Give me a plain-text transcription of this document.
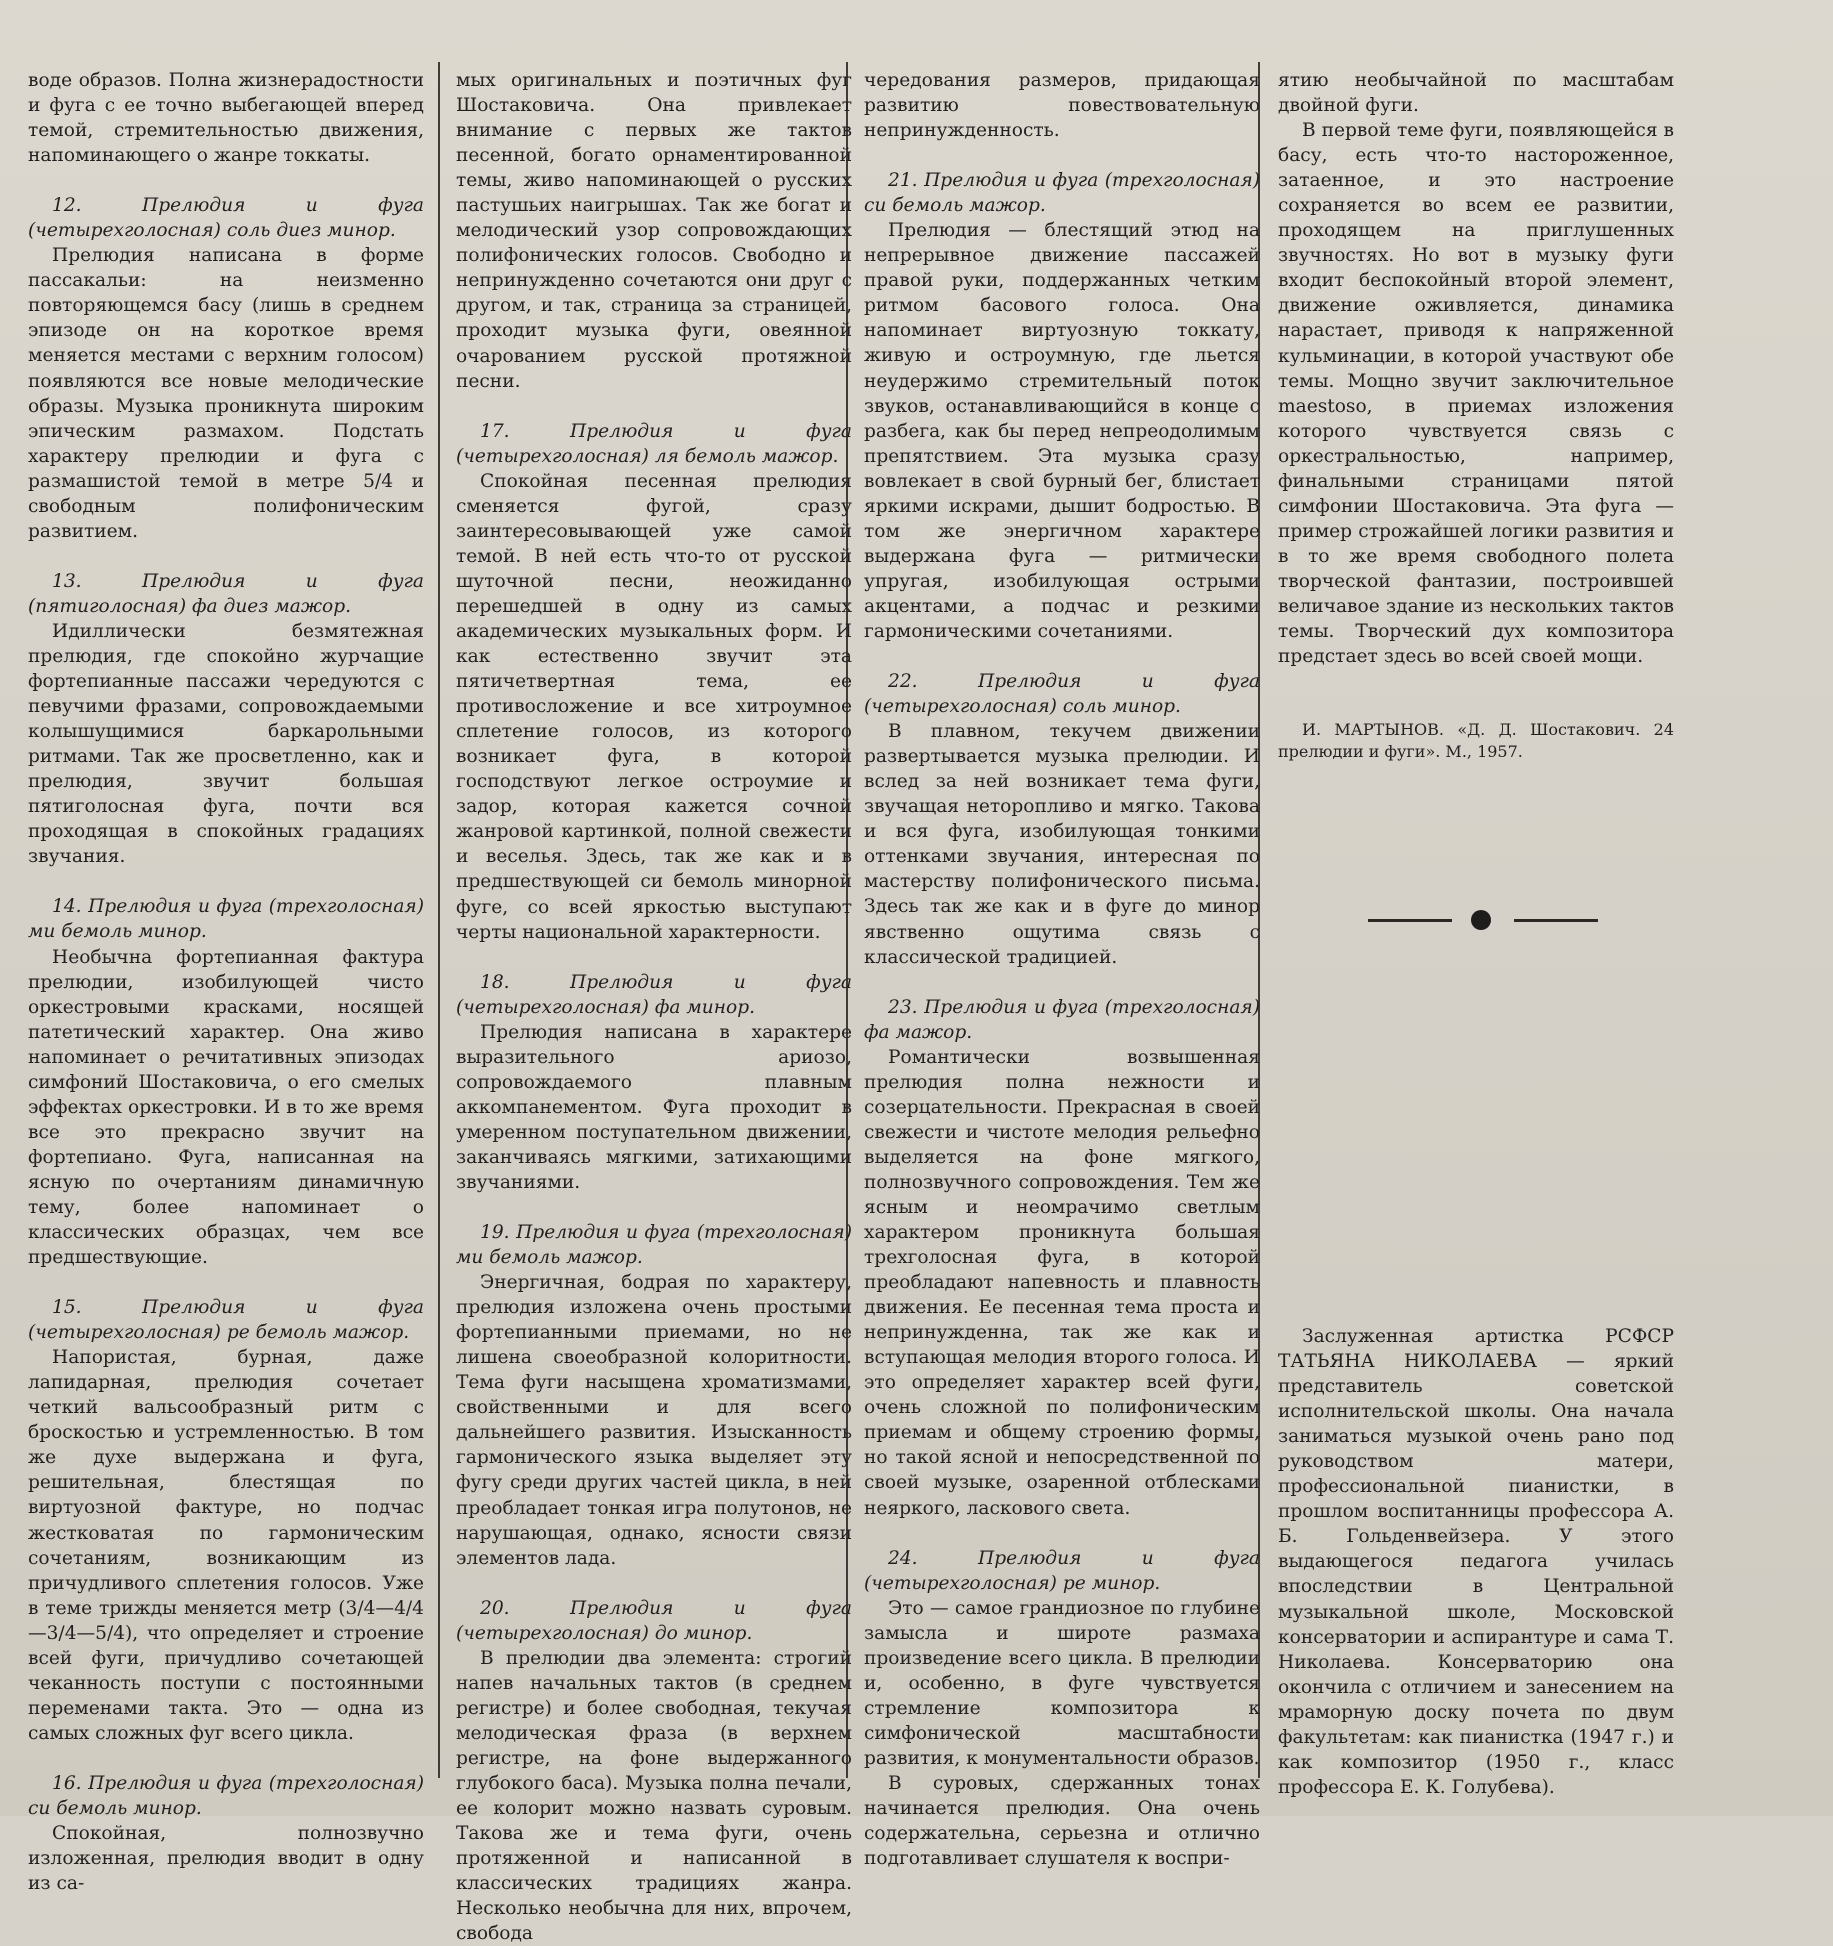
воде образов. Полна жизнерадостности и фуга с ее точно выбегающей вперед темой, стремительностью движения, напоминающего о жанре токкаты.

12. Прелюдия и фуга (четырехголосная) соль диез минор.

Прелюдия написана в форме пассакальи: на неизменно повторяющемся басу (лишь в среднем эпизоде он на короткое время меняется местами с верхним голосом) появляются все новые мелодические образы. Музыка проникнута широким эпическим размахом. Подстать характеру прелюдии и фуга с размашистой темой в метре 5/4 и свободным полифоническим развитием.

13. Прелюдия и фуга (пятиголосная) фа диез мажор.

Идиллически безмятежная прелюдия, где спокойно журчащие фортепианные пассажи чередуются с певучими фразами, сопровождаемыми колышущимися баркарольными ритмами. Так же просветленно, как и прелюдия, звучит большая пятиголосная фуга, почти вся проходящая в спокойных градациях звучания.

14. Прелюдия и фуга (трехголосная) ми бемоль минор.

Необычна фортепианная фактура прелюдии, изобилующей чисто оркестровыми красками, носящей патетический характер. Она живо напоминает о речитативных эпизодах симфоний Шостаковича, о его смелых эффектах оркестровки. И в то же время все это прекрасно звучит на фортепиано. Фуга, написанная на ясную по очертаниям динамичную тему, более напоминает о классических образцах, чем все предшествующие.

15. Прелюдия и фуга (четырехголосная) ре бемоль мажор.

Напористая, бурная, даже лапидарная, прелюдия сочетает четкий вальсообразный ритм с броскостью и устремленностью. В том же духе выдержана и фуга, решительная, блестящая по виртуозной фактуре, но подчас жестковатая по гармоническим сочетаниям, возникающим из причудливого сплетения голосов. Уже в теме трижды меняется метр (3/4—4/4—3/4—5/4), что определяет и строение всей фуги, причудливо сочетающей чеканность поступи с постоянными переменами такта. Это — одна из самых сложных фуг всего цикла.

16. Прелюдия и фуга (трехголосная) си бемоль минор.

Спокойная, полнозвучно изложенная, прелюдия вводит в одну из са-

мых оригинальных и поэтичных фуг Шостаковича. Она привлекает внимание с первых же тактов песенной, богато орнаментированной темы, живо напоминающей о русских пастушьих наигрышах. Так же богат и мелодический узор сопровождающих полифонических голосов. Свободно и непринужденно сочетаются они друг с другом, и так, страница за страницей, проходит музыка фуги, овеянной очарованием русской протяжной песни.

17. Прелюдия и фуга (четырехголосная) ля бемоль мажор.

Спокойная песенная прелюдия сменяется фугой, сразу заинтересовывающей уже самой темой. В ней есть что-то от русской шуточной песни, неожиданно перешедшей в одну из самых академических музыкальных форм. И как естественно звучит эта пятичетвертная тема, ее противосложение и все хитроумное сплетение голосов, из которого возникает фуга, в которой господствуют легкое остроумие и задор, которая кажется сочной жанровой картинкой, полной свежести и веселья. Здесь, так же как и в предшествующей си бемоль минорной фуге, со всей яркостью выступают черты национальной характерности.

18. Прелюдия и фуга (четырехголосная) фа минор.

Прелюдия написана в характере выразительного ариозо, сопровождаемого плавным аккомпанементом. Фуга проходит в умеренном поступательном движении, заканчиваясь мягкими, затихающими звучаниями.

19. Прелюдия и фуга (трехголосная) ми бемоль мажор.

Энергичная, бодрая по характеру, прелюдия изложена очень простыми фортепианными приемами, но не лишена своеобразной колоритности. Тема фуги насыщена хроматизмами, свойственными и для всего дальнейшего развития. Изысканность гармонического языка выделяет эту фугу среди других частей цикла, в ней преобладает тонкая игра полутонов, не нарушающая, однако, ясности связи элементов лада.

20. Прелюдия и фуга (четырехголосная) до минор.

В прелюдии два элемента: строгий напев начальных тактов (в среднем регистре) и более свободная, текучая мелодическая фраза (в верхнем регистре, на фоне выдержанного глубокого баса). Музыка полна печали, ее колорит можно назвать суровым. Такова же и тема фуги, очень протяженной и написанной в классических традициях жанра. Несколько необычна для них, впрочем, свобода

чередования размеров, придающая развитию повествовательную непринужденность.

21. Прелюдия и фуга (трехголосная) си бемоль мажор.

Прелюдия — блестящий этюд на непрерывное движение пассажей правой руки, поддержанных четким ритмом басового голоса. Она напоминает виртуозную токкату, живую и остроумную, где льется неудержимо стремительный поток звуков, останавливающийся в конце с разбега, как бы перед непреодолимым препятствием. Эта музыка сразу вовлекает в свой бурный бег, блистает яркими искрами, дышит бодростью. В том же энергичном характере выдержана фуга — ритмически упругая, изобилующая острыми акцентами, а подчас и резкими гармоническими сочетаниями.

22. Прелюдия и фуга (четырехголосная) соль минор.

В плавном, текучем движении развертывается музыка прелюдии. И вслед за ней возникает тема фуги, звучащая неторопливо и мягко. Такова и вся фуга, изобилующая тонкими оттенками звучания, интересная по мастерству полифонического письма. Здесь так же как и в фуге до минор явственно ощутима связь с классической традицией.

23. Прелюдия и фуга (трехголосная) фа мажор.

Романтически возвышенная прелюдия полна нежности и созерцательности. Прекрасная в своей свежести и чистоте мелодия рельефно выделяется на фоне мягкого, полнозвучного сопровождения. Тем же ясным и неомрачимо светлым характером проникнута большая трехголосная фуга, в которой преобладают напевность и плавность движения. Ее песенная тема проста и непринужденна, так же как и вступающая мелодия второго голоса. И это определяет характер всей фуги, очень сложной по полифоническим приемам и общему строению формы, но такой ясной и непосредственной по своей музыке, озаренной отблесками неяркого, ласкового света.

24. Прелюдия и фуга (четырехголосная) ре минор.

Это — самое грандиозное по глубине замысла и широте размаха произведение всего цикла. В прелюдии и, особенно, в фуге чувствуется стремление композитора к симфонической масштабности развития, к монументальности образов.

В суровых, сдержанных тонах начинается прелюдия. Она очень содержательна, серьезна и отлично подготавливает слушателя к воспри-

ятию необычайной по масштабам двойной фуги.

В первой теме фуги, появляющейся в басу, есть что-то настороженное, затаенное, и это настроение сохраняется во всем ее развитии, проходящем на приглушенных звучностях. Но вот в музыку фуги входит беспокойный второй элемент, движение оживляется, динамика нарастает, приводя к напряженной кульминации, в которой участвуют обе темы. Мощно звучит заключительное maestoso, в приемах изложения которого чувствуется связь с оркестральностью, например, финальными страницами пятой симфонии Шостаковича. Эта фуга — пример строжайшей логики развития и в то же время свободного полета творческой фантазии, построившей величавое здание из нескольких тактов темы. Творческий дух композитора предстает здесь во всей своей мощи.

И. МАРТЫНОВ. «Д. Д. Шостакович. 24 прелюдии и фуги». М., 1957.

Заслуженная артистка РСФСР ТАТЬЯНА НИКОЛАЕВА — яркий представитель советской исполнительской школы. Она начала заниматься музыкой очень рано под руководством матери, профессиональной пианистки, в прошлом воспитанницы профессора А. Б. Гольденвейзера. У этого выдающегося педагога училась впоследствии в Центральной музыкальной школе, Московской консерватории и аспирантуре и сама Т. Николаева. Консерваторию она окончила с отличием и занесением на мраморную доску почета по двум факультетам: как пианистка (1947 г.) и как композитор (1950 г., класс профессора Е. К. Голубева).
